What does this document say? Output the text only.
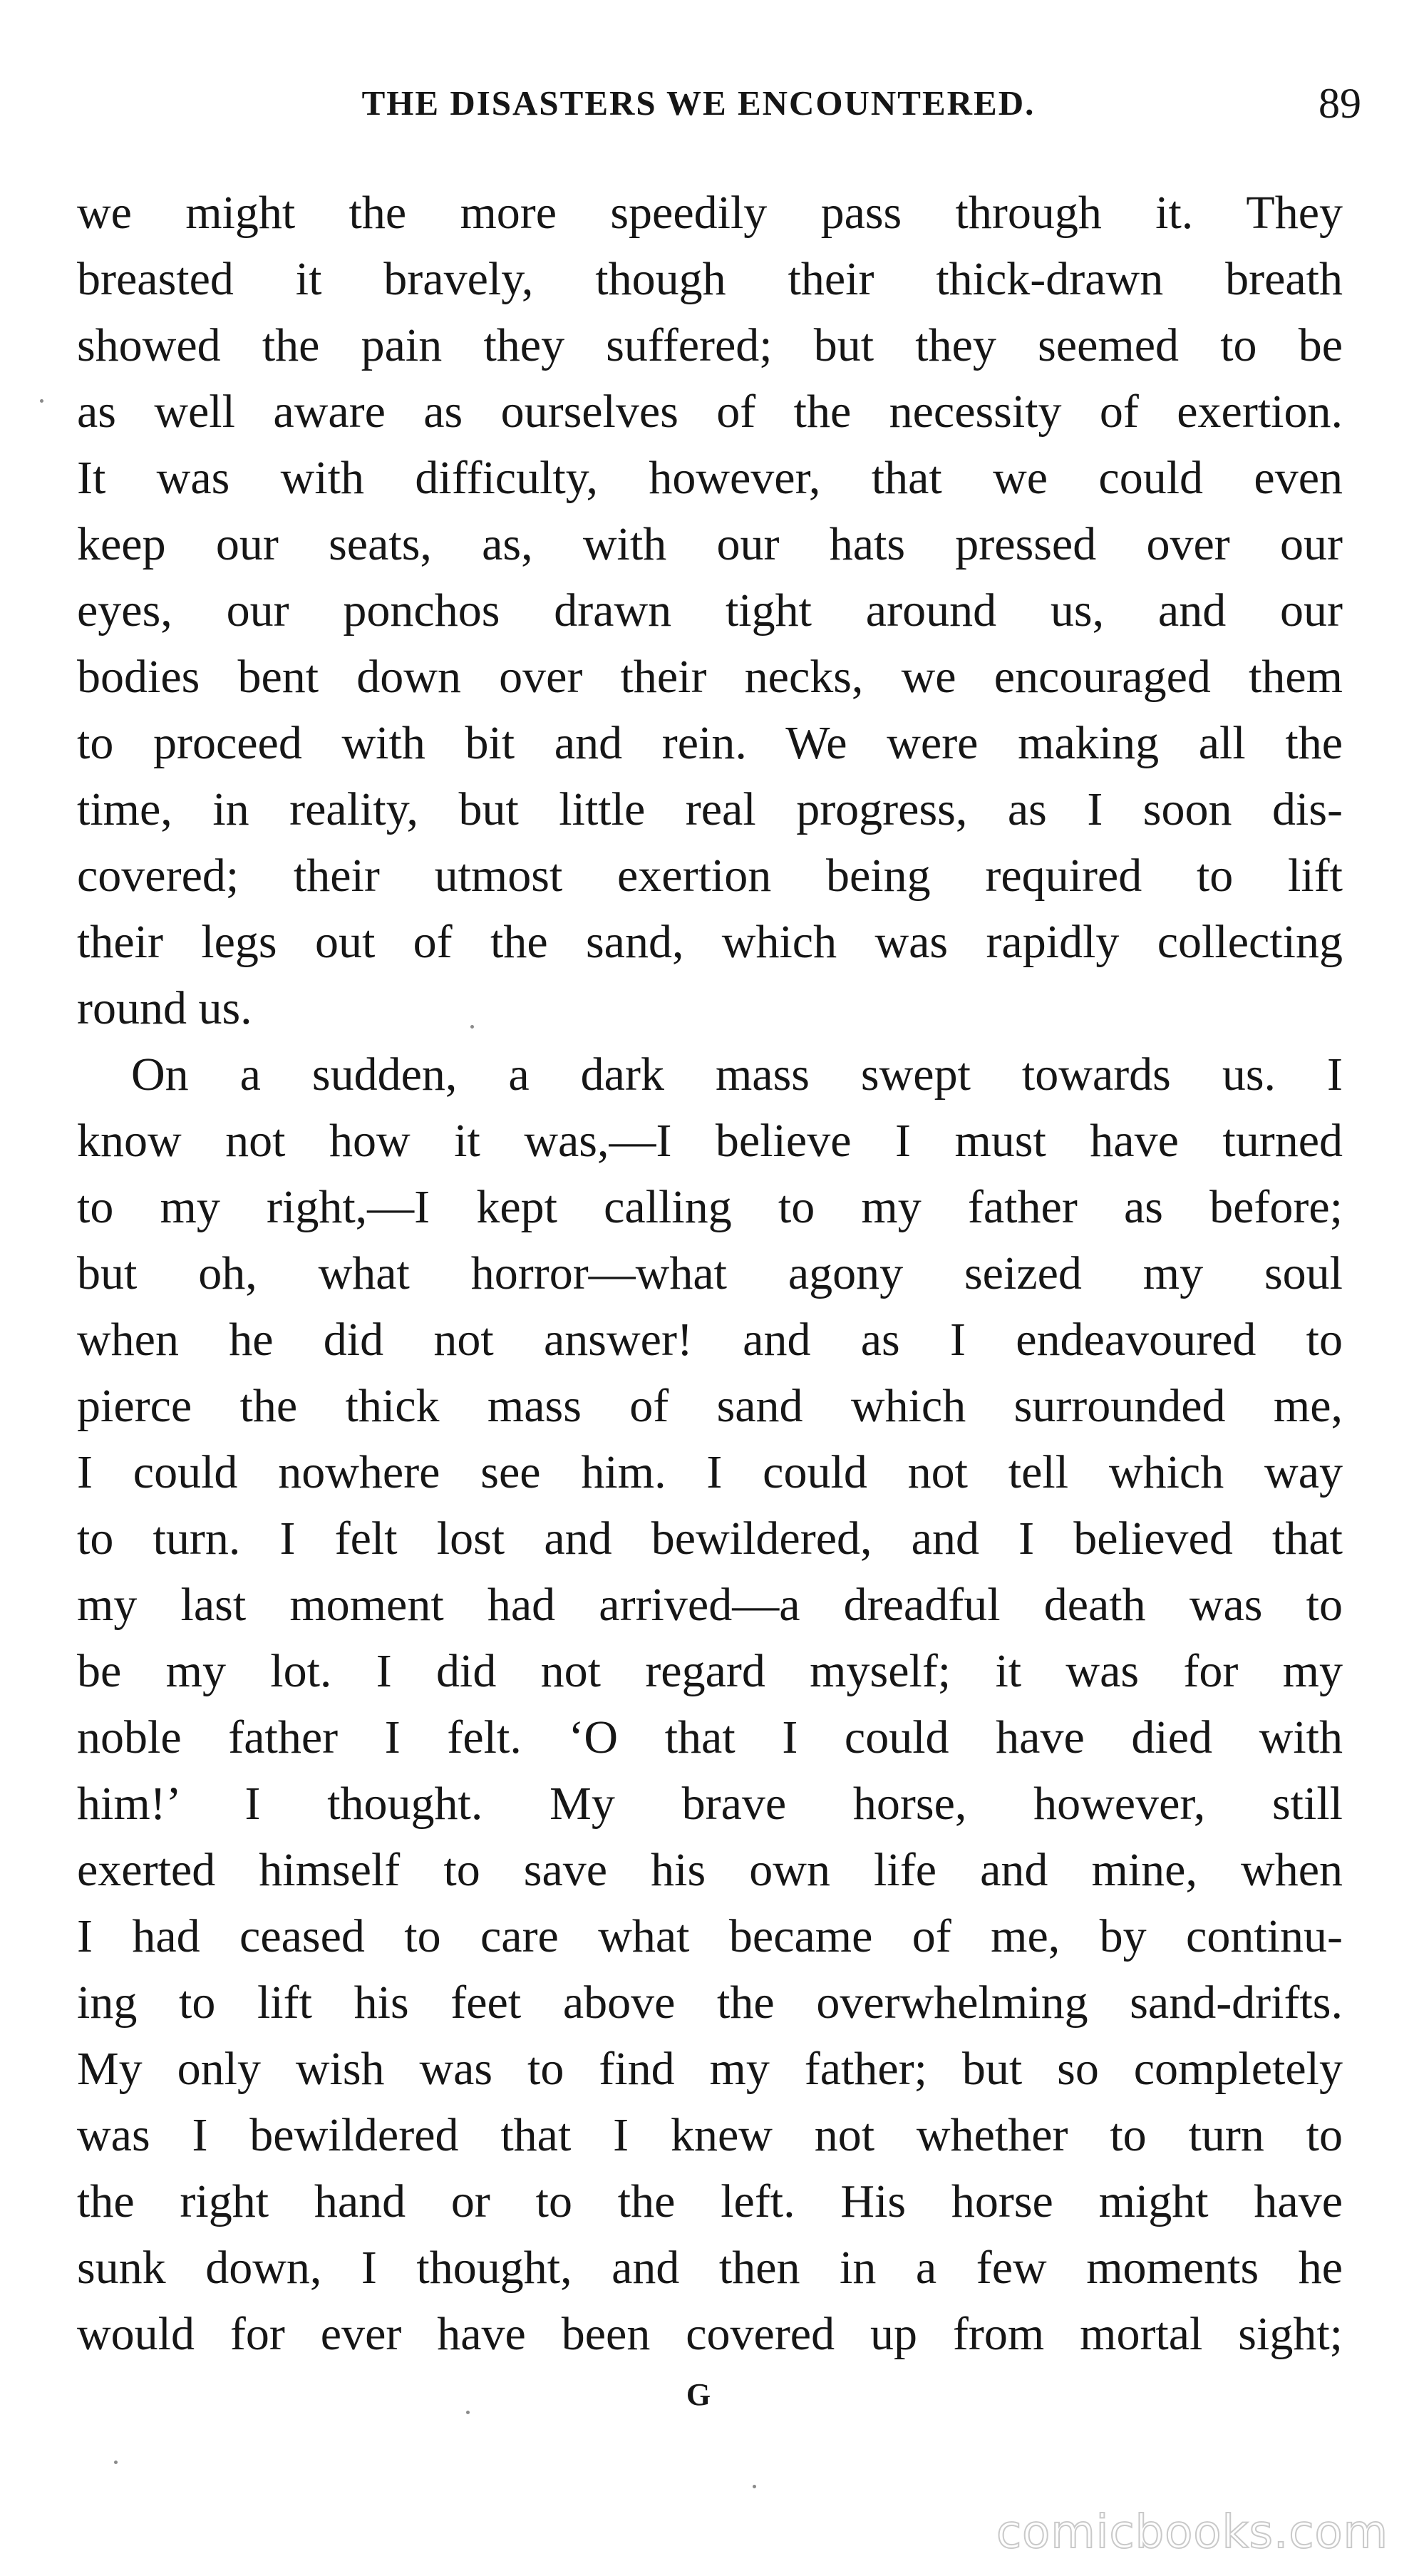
THE DISASTERS WE ENCOUNTERED.	89
we might the more speedily pass through it. They
breasted it bravely, though their thick-drawn breath
showed the pain they suffered; but they seemed to be
as well aware as ourselves of the necessity of exertion.
It was with difficulty, however, that we could even
keep our seats, as, with our hats pressed over our
eyes, our ponchos drawn tight around us, and our
bodies bent down over their necks, we encouraged them
to proceed with bit and rein. We were making all the
time, in reality, but little real progress, as I soon dis-
covered; their utmost exertion being required to lift
their legs out of the sand, which was rapidly collecting
round us.
On a sudden, a dark mass swept towards us. I
know not how it was,—I believe I must have turned
to my right,—I kept calling to my father as before;
but oh, what horror—what agony seized my soul
when he did not answer! and as I endeavoured to
pierce the thick mass of sand which surrounded me,
I could nowhere see him. I could not tell which way
to turn. I felt lost and bewildered, and I believed that
my last moment had arrived—a dreadful death was to
be my lot. I did not regard myself; it was for my
noble father I felt. ‘O that I could have died with
him!’ I thought. My brave horse, however, still
exerted himself to save his own life and mine, when
I had ceased to care what became of me, by continu-
ing to lift his feet above the overwhelming sand-drifts.
My only wish was to find my father; but so completely
was I bewildered that I knew not whether to turn to
the right hand or to the left. His horse might have
sunk down, I thought, and then in a few moments he
would for ever have been covered up from mortal sight;
G
comicbooks.com
